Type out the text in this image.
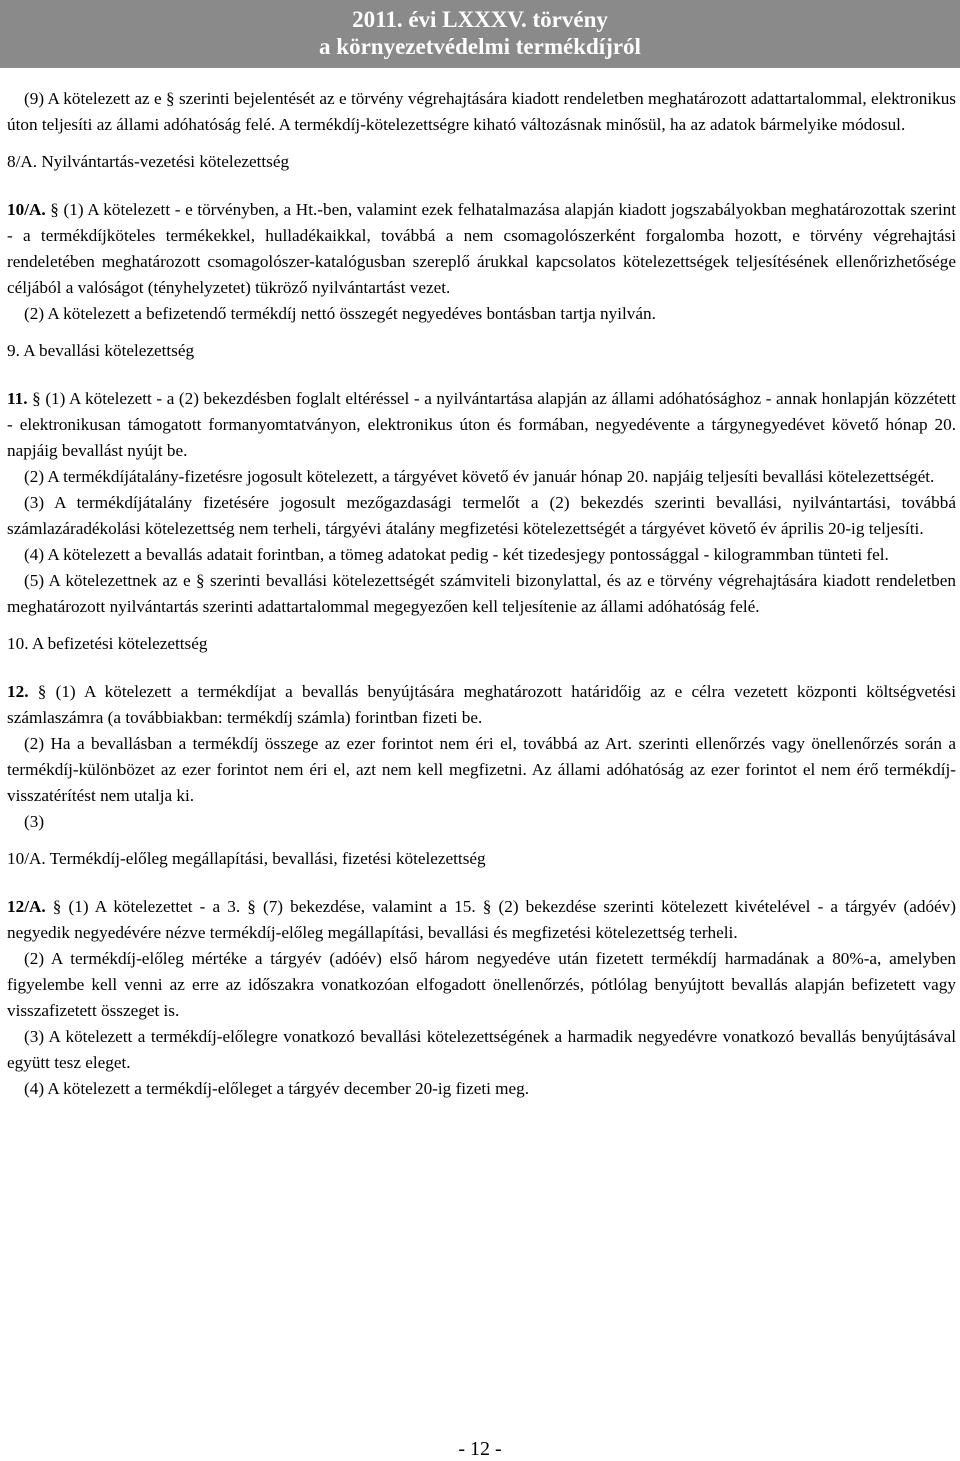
2011. évi LXXXV. törvény
a környezetvédelmi termékdíjról

(9) A kötelezett az e § szerinti bejelentését az e törvény végrehajtására kiadott rendeletben meghatározott adattartalommal, elektronikus úton teljesíti az állami adóhatóság felé. A termékdíj-kötelezettségre kiható változásnak minősül, ha az adatok bármelyike módosul.

8/A. Nyilvántartás-vezetési kötelezettség

10/A. § (1) A kötelezett - e törvényben, a Ht.-ben, valamint ezek felhatalmazása alapján kiadott jogszabályokban meghatározottak szerint - a termékdíjköteles termékekkel, hulladékaikkal, továbbá a nem csomagolószerként forgalomba hozott, e törvény végrehajtási rendeletében meghatározott csomagolószer-katalógusban szereplő árukkal kapcsolatos kötelezettségek teljesítésének ellenőrizhetősége céljából a valóságot (tényhelyzetet) tükröző nyilvántartást vezet.

(2) A kötelezett a befizetendő termékdíj nettó összegét negyedéves bontásban tartja nyilván.

9. A bevallási kötelezettség

11. § (1) A kötelezett - a (2) bekezdésben foglalt eltéréssel - a nyilvántartása alapján az állami adóhatósághoz - annak honlapján közzétett - elektronikusan támogatott formanyomtatványon, elektronikus úton és formában, negyedévente a tárgynegyedévet követő hónap 20. napjáig bevallást nyújt be.

(2) A termékdíjátalány-fizetésre jogosult kötelezett, a tárgyévet követő év január hónap 20. napjáig teljesíti bevallási kötelezettségét.

(3) A termékdíjátalány fizetésére jogosult mezőgazdasági termelőt a (2) bekezdés szerinti bevallási, nyilvántartási, továbbá számlazáradékolási kötelezettség nem terheli, tárgyévi átalány megfizetési kötelezettségét a tárgyévet követő év április 20-ig teljesíti.

(4) A kötelezett a bevallás adatait forintban, a tömeg adatokat pedig - két tizedesjegy pontossággal - kilogrammban tünteti fel.

(5) A kötelezettnek az e § szerinti bevallási kötelezettségét számviteli bizonylattal, és az e törvény végrehajtására kiadott rendeletben meghatározott nyilvántartás szerinti adattartalommal megegyezően kell teljesítenie az állami adóhatóság felé.

10. A befizetési kötelezettség

12. § (1) A kötelezett a termékdíjat a bevallás benyújtására meghatározott határidőig az e célra vezetett központi költségvetési számlaszámra (a továbbiakban: termékdíj számla) forintban fizeti be.

(2) Ha a bevallásban a termékdíj összege az ezer forintot nem éri el, továbbá az Art. szerinti ellenőrzés vagy önellenőrzés során a termékdíj-különbözet az ezer forintot nem éri el, azt nem kell megfizetni. Az állami adóhatóság az ezer forintot el nem érő termékdíj-visszatérítést nem utalja ki.

(3)

10/A. Termékdíj-előleg megállapítási, bevallási, fizetési kötelezettség

12/A. § (1) A kötelezettet - a 3. § (7) bekezdése, valamint a 15. § (2) bekezdése szerinti kötelezett kivételével - a tárgyév (adóév) negyedik negyedévére nézve termékdíj-előleg megállapítási, bevallási és megfizetési kötelezettség terheli.

(2) A termékdíj-előleg mértéke a tárgyév (adóév) első három negyedéve után fizetett termékdíj harmadának a 80%-a, amelyben figyelembe kell venni az erre az időszakra vonatkozóan elfogadott önellenőrzés, pótlólag benyújtott bevallás alapján befizetett vagy visszafizetett összeget is.

(3) A kötelezett a termékdíj-előlegre vonatkozó bevallási kötelezettségének a harmadik negyedévre vonatkozó bevallás benyújtásával együtt tesz eleget.

(4) A kötelezett a termékdíj-előleget a tárgyév december 20-ig fizeti meg.

- 12 -
